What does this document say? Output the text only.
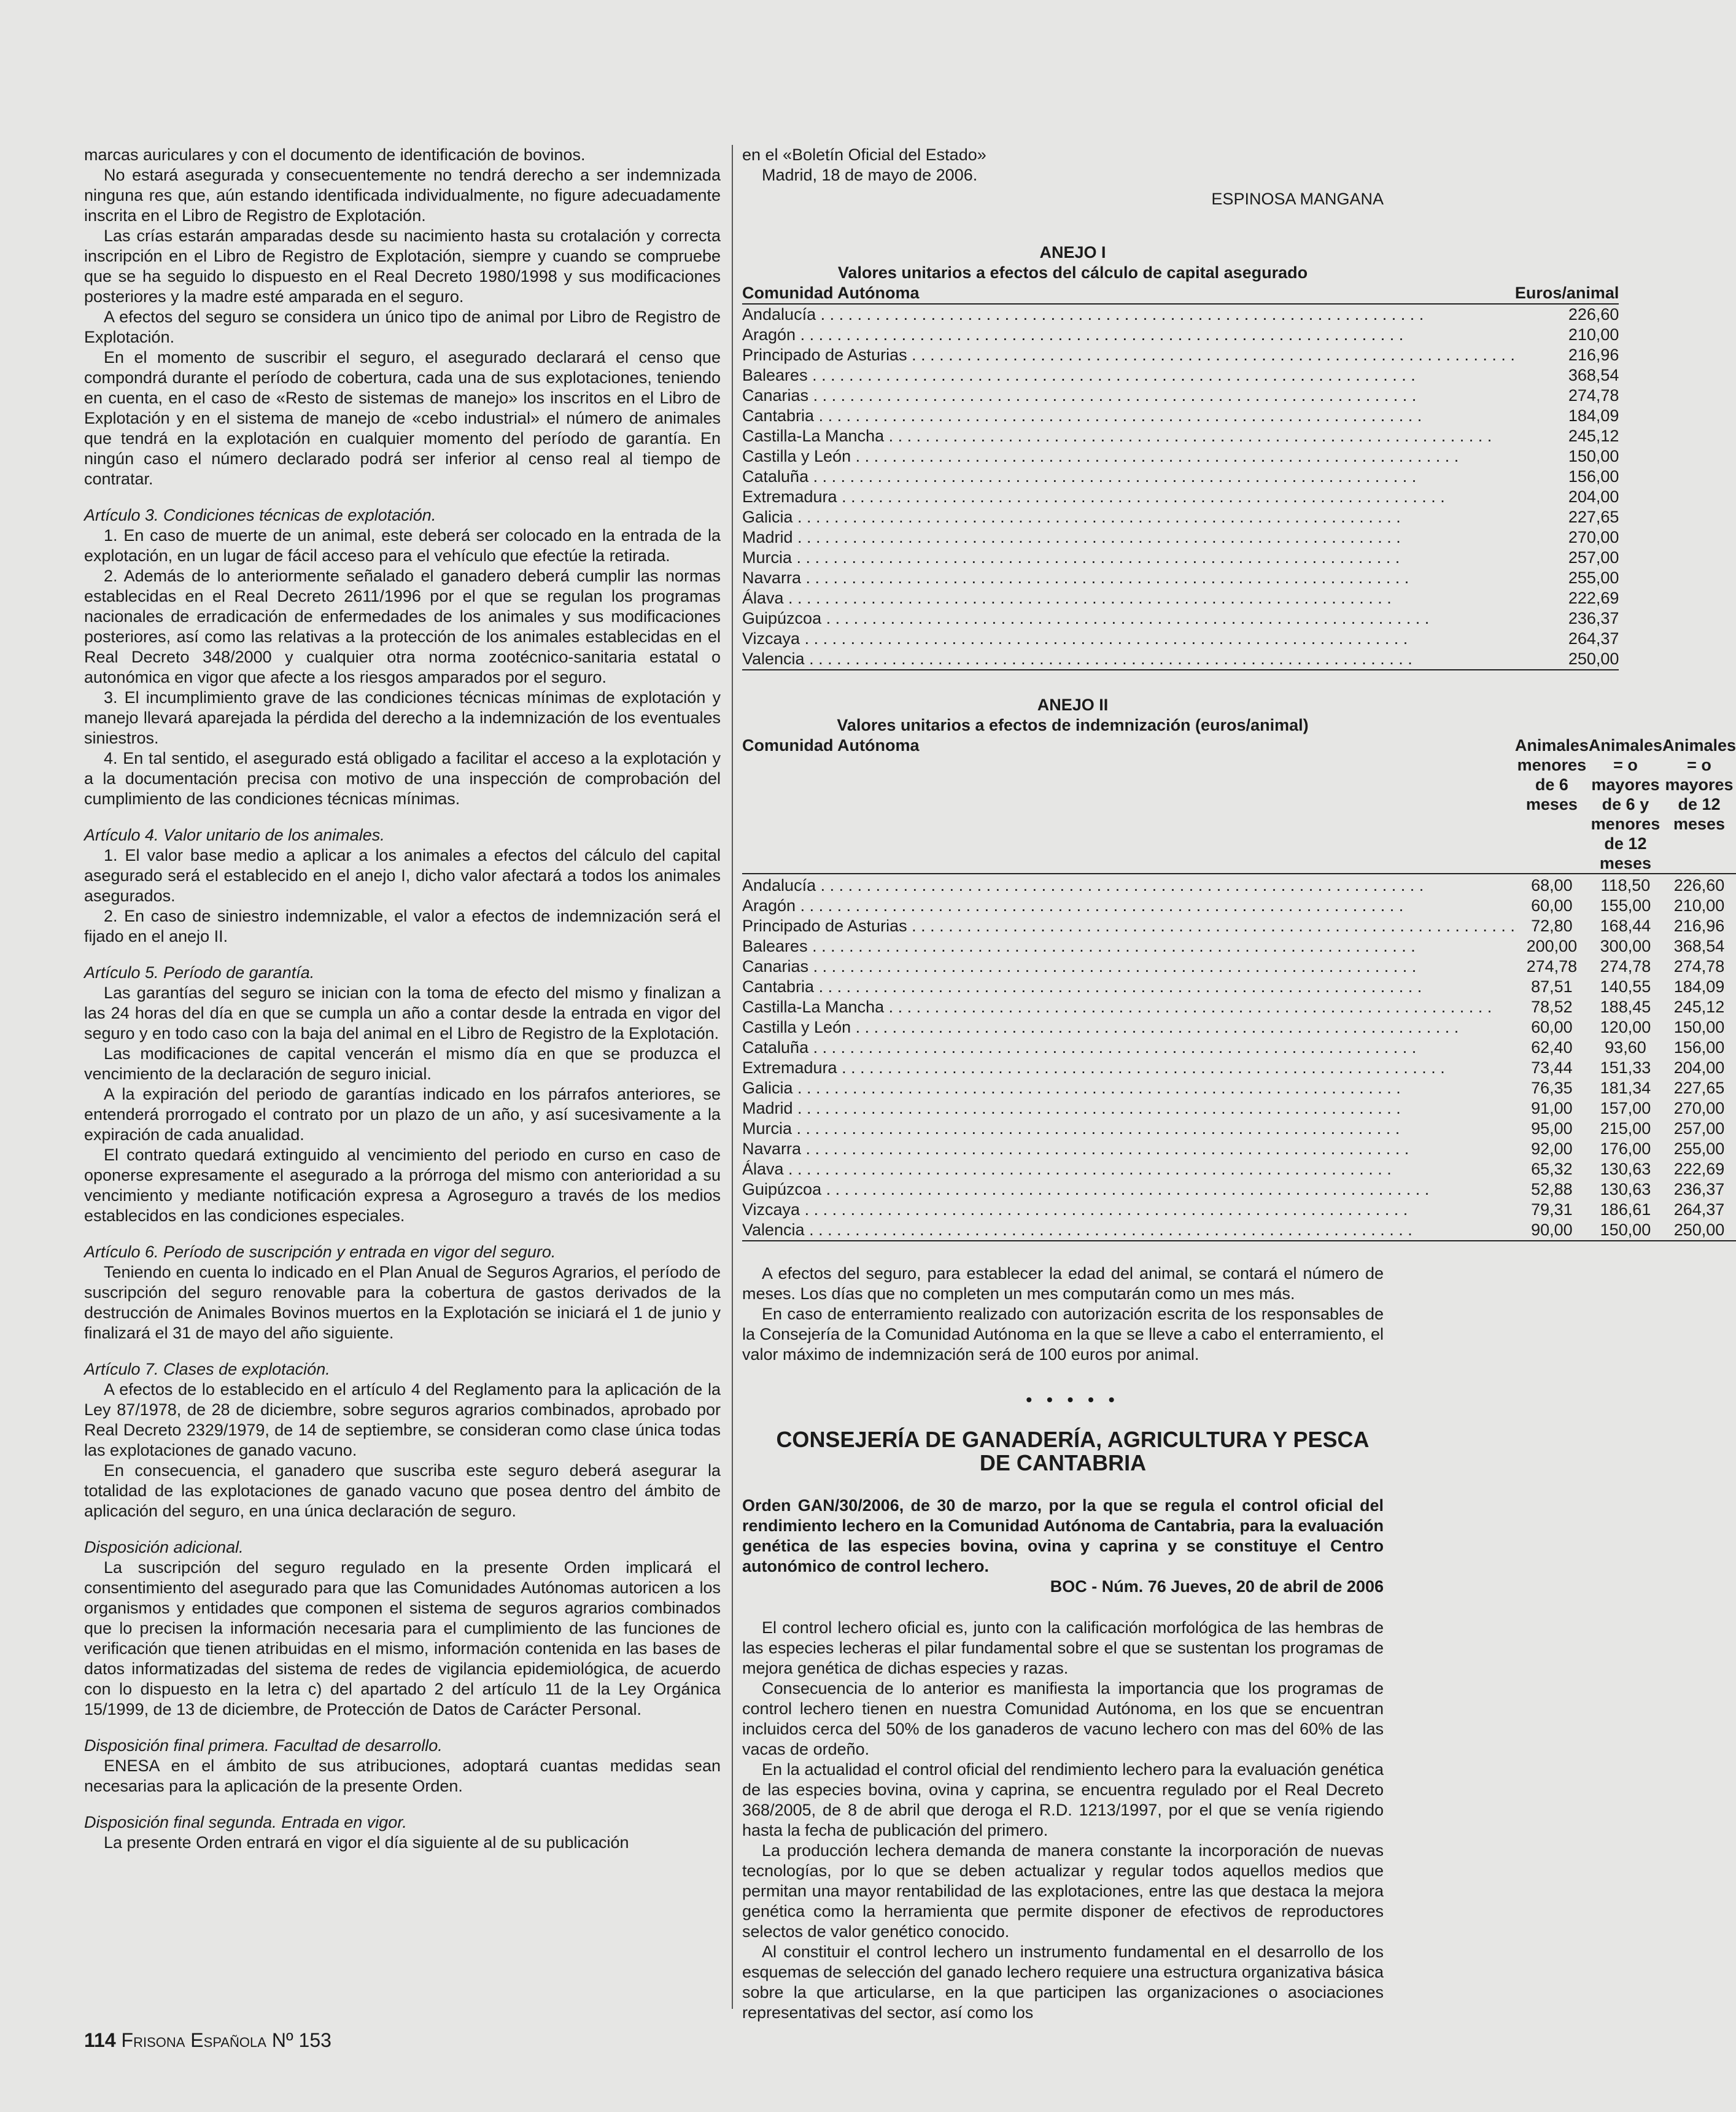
marcas auriculares y con el documento de identificación de bovinos.

No estará asegurada y consecuentemente no tendrá derecho a ser indemnizada ninguna res que, aún estando identificada individualmente, no figure adecuadamente inscrita en el Libro de Registro de Explotación.

Las crías estarán amparadas desde su nacimiento hasta su crotalación y correcta inscripción en el Libro de Registro de Explotación, siempre y cuando se compruebe que se ha seguido lo dispuesto en el Real Decreto 1980/1998 y sus modificaciones posteriores y la madre esté amparada en el seguro.

A efectos del seguro se considera un único tipo de animal por Libro de Registro de Explotación.

En el momento de suscribir el seguro, el asegurado declarará el censo que compondrá durante el período de cobertura, cada una de sus explotaciones, teniendo en cuenta, en el caso de «Resto de sistemas de manejo» los inscritos en el Libro de Explotación y en el sistema de manejo de «cebo industrial» el número de animales que tendrá en la explotación en cualquier momento del período de garantía. En ningún caso el número declarado podrá ser inferior al censo real al tiempo de contratar.

Artículo 3. Condiciones técnicas de explotación.

1. En caso de muerte de un animal, este deberá ser colocado en la entrada de la explotación, en un lugar de fácil acceso para el vehículo que efectúe la retirada.

2. Además de lo anteriormente señalado el ganadero deberá cumplir las normas establecidas en el Real Decreto 2611/1996 por el que se regulan los programas nacionales de erradicación de enfermedades de los animales y sus modificaciones posteriores, así como las relativas a la protección de los animales establecidas en el Real Decreto 348/2000 y cualquier otra norma zootécnico-sanitaria estatal o autonómica en vigor que afecte a los riesgos amparados por el seguro.

3. El incumplimiento grave de las condiciones técnicas mínimas de explotación y manejo llevará aparejada la pérdida del derecho a la indemnización de los eventuales siniestros.

4. En tal sentido, el asegurado está obligado a facilitar el acceso a la explotación y a la documentación precisa con motivo de una inspección de comprobación del cumplimiento de las condiciones técnicas mínimas.

Artículo 4. Valor unitario de los animales.

1. El valor base medio a aplicar a los animales a efectos del cálculo del capital asegurado será el establecido en el anejo I, dicho valor afectará a todos los animales asegurados.

2. En caso de siniestro indemnizable, el valor a efectos de indemnización será el fijado en el anejo II.

Artículo 5. Período de garantía.

Las garantías del seguro se inician con la toma de efecto del mismo y finalizan a las 24 horas del día en que se cumpla un año a contar desde la entrada en vigor del seguro y en todo caso con la baja del animal en el Libro de Registro de la Explotación.

Las modificaciones de capital vencerán el mismo día en que se produzca el vencimiento de la declaración de seguro inicial.

A la expiración del periodo de garantías indicado en los párrafos anteriores, se entenderá prorrogado el contrato por un plazo de un año, y así sucesivamente a la expiración de cada anualidad.

El contrato quedará extinguido al vencimiento del periodo en curso en caso de oponerse expresamente el asegurado a la prórroga del mismo con anterioridad a su vencimiento y mediante notificación expresa a Agroseguro a través de los medios establecidos en las condiciones especiales.

Artículo 6. Período de suscripción y entrada en vigor del seguro.

Teniendo en cuenta lo indicado en el Plan Anual de Seguros Agrarios, el período de suscripción del seguro renovable para la cobertura de gastos derivados de la destrucción de Animales Bovinos muertos en la Explotación se iniciará el 1 de junio y finalizará el 31 de mayo del año siguiente.

Artículo 7. Clases de explotación.

A efectos de lo establecido en el artículo 4 del Reglamento para la aplicación de la Ley 87/1978, de 28 de diciembre, sobre seguros agrarios combinados, aprobado por Real Decreto 2329/1979, de 14 de septiembre, se consideran como clase única todas las explotaciones de ganado vacuno.

En consecuencia, el ganadero que suscriba este seguro deberá asegurar la totalidad de las explotaciones de ganado vacuno que posea dentro del ámbito de aplicación del seguro, en una única declaración de seguro.

Disposición adicional.

La suscripción del seguro regulado en la presente Orden implicará el consentimiento del asegurado para que las Comunidades Autónomas autoricen a los organismos y entidades que componen el sistema de seguros agrarios combinados que lo precisen la información necesaria para el cumplimiento de las funciones de verificación que tienen atribuidas en el mismo, información contenida en las bases de datos informatizadas del sistema de redes de vigilancia epidemiológica, de acuerdo con lo dispuesto en la letra c) del apartado 2 del artículo 11 de la Ley Orgánica 15/1999, de 13 de diciembre, de Protección de Datos de Carácter Personal.

Disposición final primera. Facultad de desarrollo.

ENESA en el ámbito de sus atribuciones, adoptará cuantas medidas sean necesarias para la aplicación de la presente Orden.

Disposición final segunda. Entrada en vigor.

La presente Orden entrará en vigor el día siguiente al de su publicación

en el «Boletín Oficial del Estado»

Madrid, 18 de mayo de 2006.

ESPINOSA MANGANA

ANEJO I

Valores unitarios a efectos del cálculo de capital asegurado

Comunidad Autónoma	Euros/animal

Andalucía . . .	226,60

Aragón . . .	210,00

Principado de Asturias . . .	216,96

Baleares . . .	368,54

Canarias . . .	274,78

Cantabria . . .	184,09

Castilla-La Mancha . . .	245,12

Castilla y León . . .	150,00

Cataluña . . .	156,00

Extremadura . . .	204,00

Galicia . . .	227,65

Madrid . . .	270,00

Murcia . . .	257,00

Navarra . . .	255,00

Álava . . .	222,69

Guipúzcoa . . .	236,37

Vizcaya . . .	264,37

Valencia . . .	250,00

ANEJO II

Valores unitarios a efectos de indemnización (euros/animal)

Comunidad Autónoma	Animales menores de 6 meses	Animales = o mayores de 6 y menores de 12 meses	Animales = o mayores de 12 meses

Andalucía . . .	68,00	118,50	226,60

Aragón . . .	60,00	155,00	210,00

Principado de Asturias . . .	72,80	168,44	216,96

Baleares . . .	200,00	300,00	368,54

Canarias . . .	274,78	274,78	274,78

Cantabria . . .	87,51	140,55	184,09

Castilla-La Mancha . . .	78,52	188,45	245,12

Castilla y León . . .	60,00	120,00	150,00

Cataluña . . .	62,40	93,60	156,00

Extremadura . . .	73,44	151,33	204,00

Galicia . . .	76,35	181,34	227,65

Madrid . . .	91,00	157,00	270,00

Murcia . . .	95,00	215,00	257,00

Navarra . . .	92,00	176,00	255,00

Álava . . .	65,32	130,63	222,69

Guipúzcoa . . .	52,88	130,63	236,37

Vizcaya . . .	79,31	186,61	264,37

Valencia . . .	90,00	150,00	250,00

A efectos del seguro, para establecer la edad del animal, se contará el número de meses. Los días que no completen un mes computarán como un mes más.

En caso de enterramiento realizado con autorización escrita de los responsables de la Consejería de la Comunidad Autónoma en la que se lleve a cabo el enterramiento, el valor máximo de indemnización será de 100 euros por animal.

• • • • •

CONSEJERÍA DE GANADERÍA, AGRICULTURA Y PESCA DE CANTABRIA

Orden GAN/30/2006, de 30 de marzo, por la que se regula el control oficial del rendimiento lechero en la Comunidad Autónoma de Cantabria, para la evaluación genética de las especies bovina, ovina y caprina y se constituye el Centro autonómico de control lechero.

BOC - Núm. 76 Jueves, 20 de abril de 2006

El control lechero oficial es, junto con la calificación morfológica de las hembras de las especies lecheras el pilar fundamental sobre el que se sustentan los programas de mejora genética de dichas especies y razas.

Consecuencia de lo anterior es manifiesta la importancia que los programas de control lechero tienen en nuestra Comunidad Autónoma, en los que se encuentran incluidos cerca del 50% de los ganaderos de vacuno lechero con mas del 60% de las vacas de ordeño.

En la actualidad el control oficial del rendimiento lechero para la evaluación genética de las especies bovina, ovina y caprina, se encuentra regulado por el Real Decreto 368/2005, de 8 de abril que deroga el R.D. 1213/1997, por el que se venía rigiendo hasta la fecha de publicación del primero.

La producción lechera demanda de manera constante la incorporación de nuevas tecnologías, por lo que se deben actualizar y regular todos aquellos medios que permitan una mayor rentabilidad de las explotaciones, entre las que destaca la mejora genética como la herramienta que permite disponer de efectivos de reproductores selectos de valor genético conocido.

Al constituir el control lechero un instrumento fundamental en el desarrollo de los esquemas de selección del ganado lechero requiere una estructura organizativa básica sobre la que articularse, en la que participen las organizaciones o asociaciones representativas del sector, así como los

114 Frisona Española Nº 153
